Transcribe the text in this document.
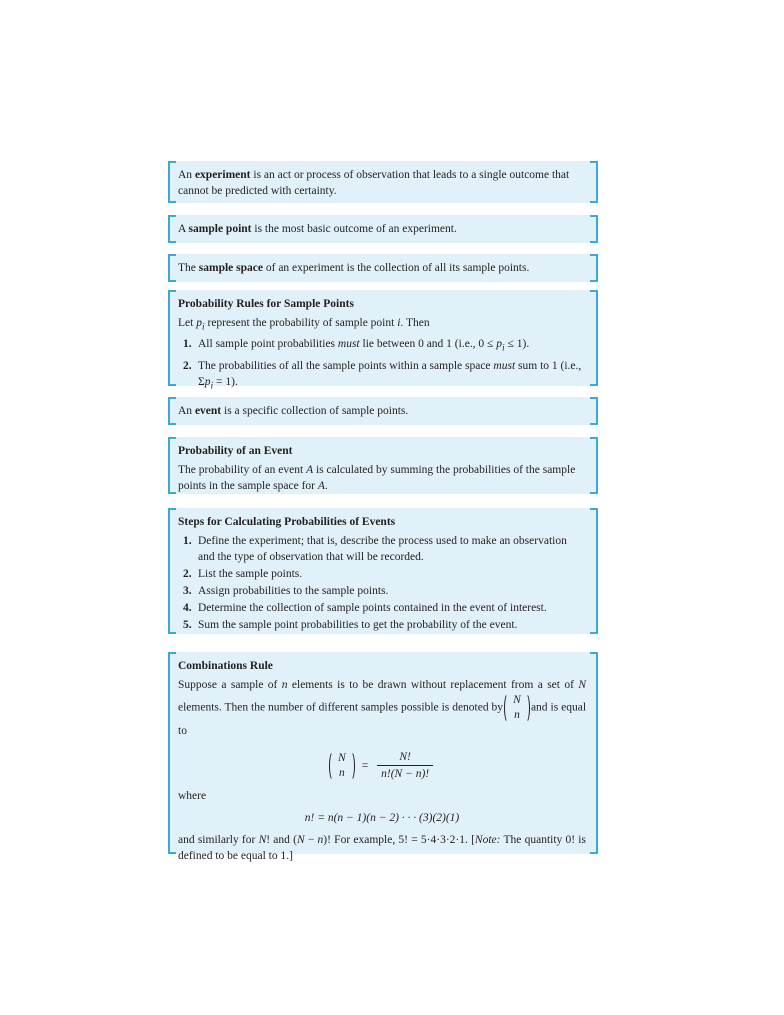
An experiment is an act or process of observation that leads to a single outcome that cannot be predicted with certainty.
A sample point is the most basic outcome of an experiment.
The sample space of an experiment is the collection of all its sample points.
Probability Rules for Sample Points
Let $p_i$ represent the probability of sample point i. Then
1. All sample point probabilities must lie between 0 and 1 (i.e., $0 \le p_i \le 1$).
2. The probabilities of all the sample points within a sample space must sum to 1 (i.e., $\Sigma p_i = 1$).
An event is a specific collection of sample points.
Probability of an Event
The probability of an event A is calculated by summing the probabilities of the sample points in the sample space for A.
Steps for Calculating Probabilities of Events
1. Define the experiment; that is, describe the process used to make an observation and the type of observation that will be recorded.
2. List the sample points.
3. Assign probabilities to the sample points.
4. Determine the collection of sample points contained in the event of interest.
5. Sum the sample point probabilities to get the probability of the event.
Combinations Rule
Suppose a sample of n elements is to be drawn without replacement from a set of N elements. Then the number of different samples possible is denoted by
N
n
and is equal to
N
n
= $\frac{N!}{n!(N - n)!}$
where
n! = n(n − 1)(n − 2) · · · (3)(2)(1)
and similarly for N! and (N − n)! For example, 5! = 5·4·3·2·1. [Note: The quantity 0! is defined to be equal to 1.]
